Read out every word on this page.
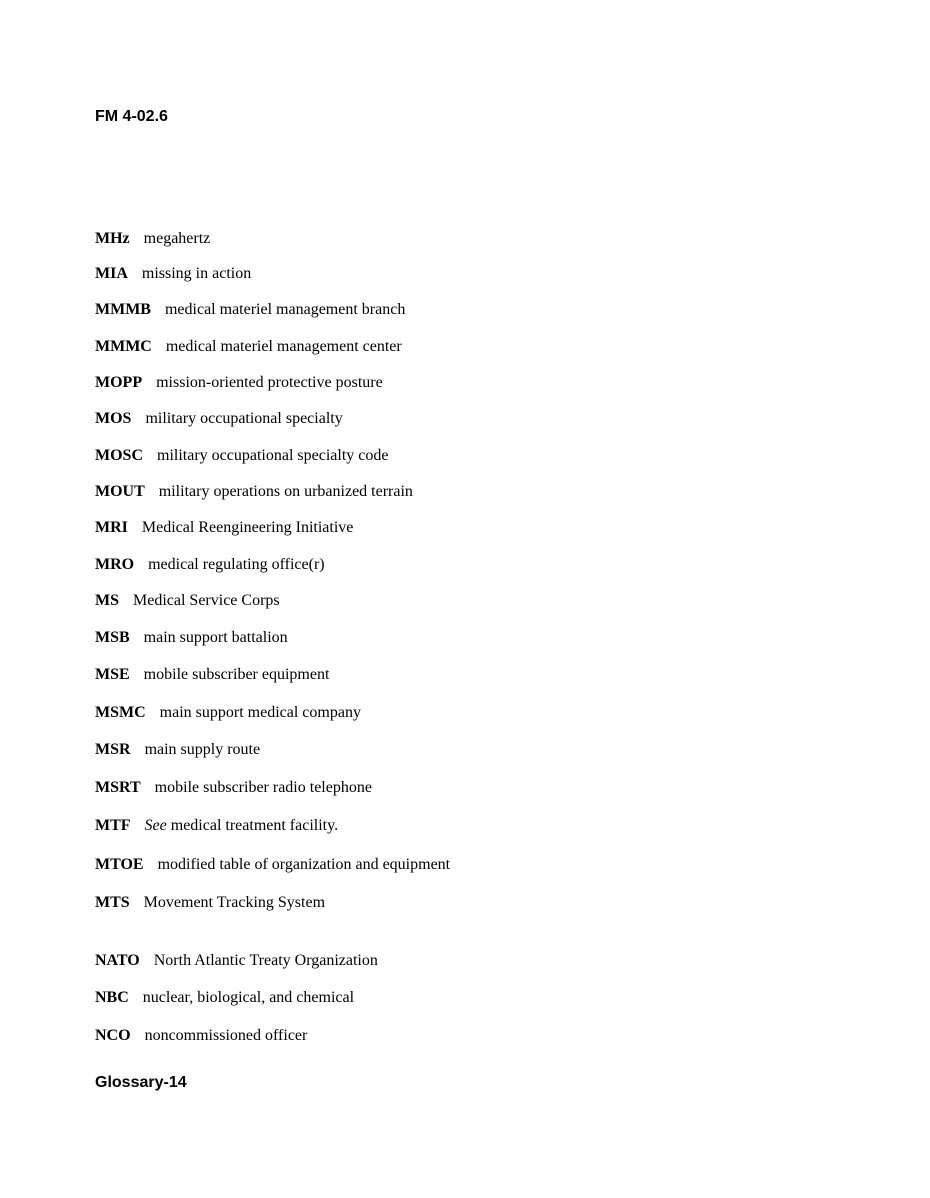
FM 4-02.6
MHz megahertz
MIA missing in action
MMMB medical materiel management branch
MMMC medical materiel management center
MOPP mission-oriented protective posture
MOS military occupational specialty
MOSC military occupational specialty code
MOUT military operations on urbanized terrain
MRI Medical Reengineering Initiative
MRO medical regulating office(r)
MS Medical Service Corps
MSB main support battalion
MSE mobile subscriber equipment
MSMC main support medical company
MSR main supply route
MSRT mobile subscriber radio telephone
MTF See medical treatment facility.
MTOE modified table of organization and equipment
MTS Movement Tracking System
NATO North Atlantic Treaty Organization
NBC nuclear, biological, and chemical
NCO noncommissioned officer
Glossary-14
